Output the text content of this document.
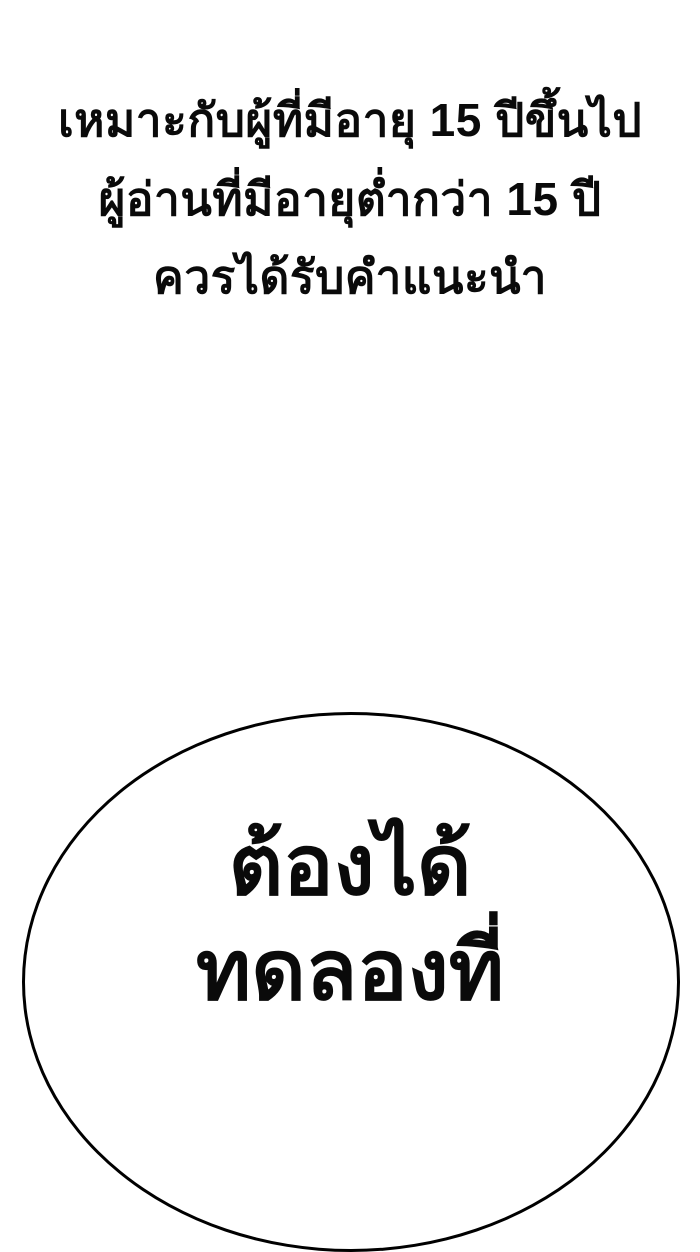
เหมาะกับผู้ที่มีอายุ 15 ปีขึ้นไป
ผู้อ่านที่มีอายุต่ำกว่า 15 ปี
ควรได้รับคำแนะนำ
ต้องได้
ทดลองที่
